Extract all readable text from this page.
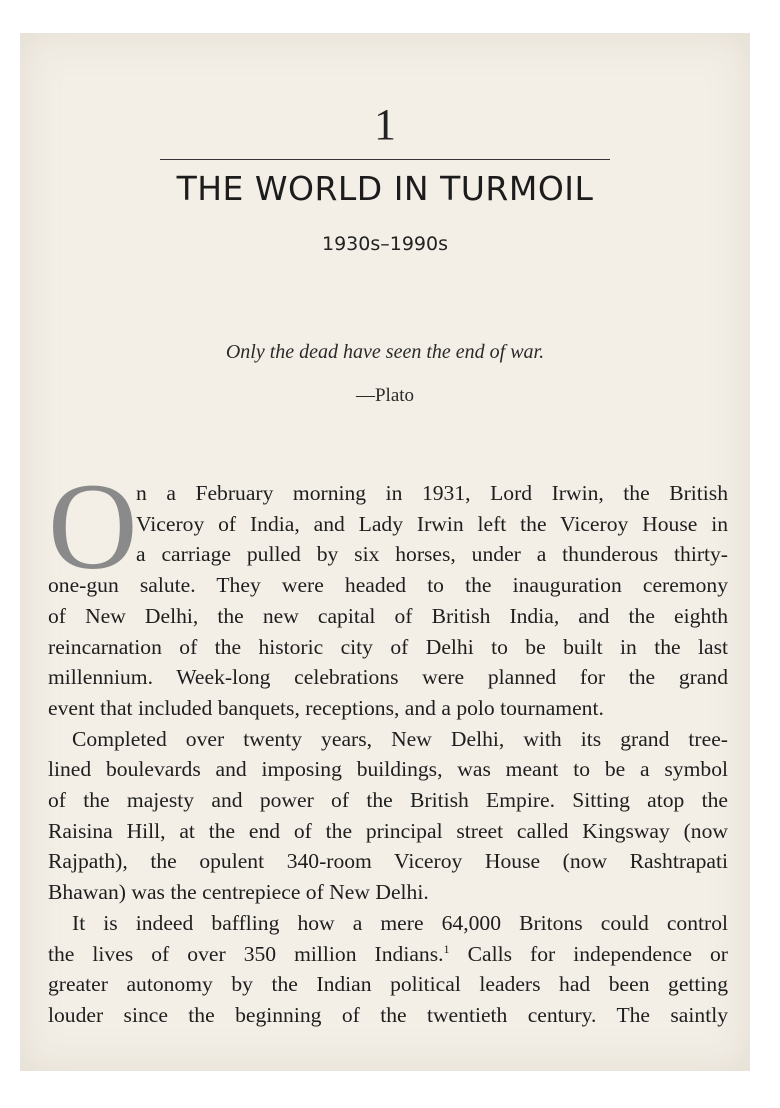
1
THE WORLD IN TURMOIL
1930s–1990s
Only the dead have seen the end of war.
—Plato
O
n a February morning in 1931, Lord Irwin, the British
Viceroy of India, and Lady Irwin left the Viceroy House in
a carriage pulled by six horses, under a thunderous thirty-
one-gun salute. They were headed to the inauguration ceremony
of New Delhi, the new capital of British India, and the eighth
reincarnation of the historic city of Delhi to be built in the last
millennium. Week-long celebrations were planned for the grand
event that included banquets, receptions, and a polo tournament.
Completed over twenty years, New Delhi, with its grand tree-
lined boulevards and imposing buildings, was meant to be a symbol
of the majesty and power of the British Empire. Sitting atop the
Raisina Hill, at the end of the principal street called Kingsway (now
Rajpath), the opulent 340-room Viceroy House (now Rashtrapati
Bhawan) was the centrepiece of New Delhi.
It is indeed baffling how a mere 64,000 Britons could control
the lives of over 350 million Indians.$^1$ Calls for independence or
greater autonomy by the Indian political leaders had been getting
louder since the beginning of the twentieth century. The saintly
